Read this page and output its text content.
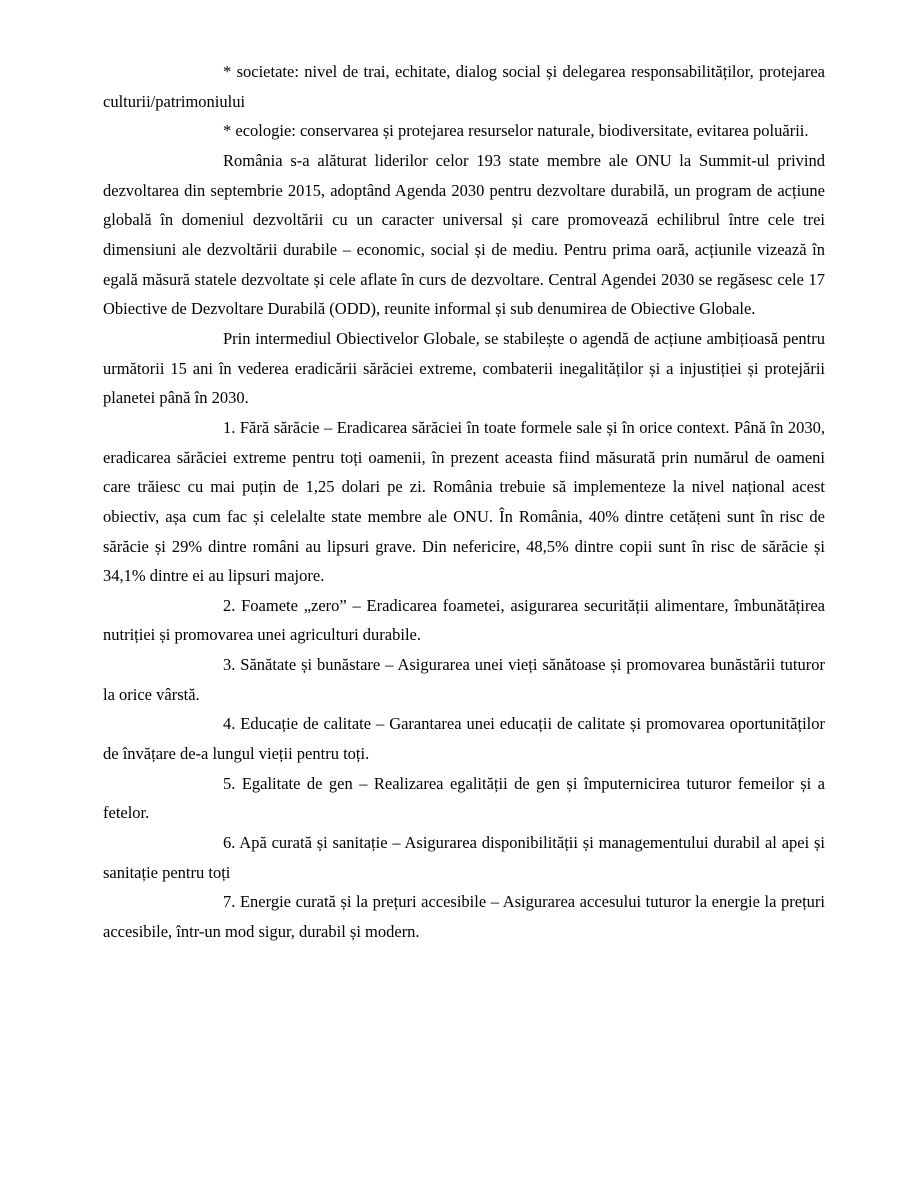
* societate: nivel de trai, echitate, dialog social și delegarea responsabilităților, protejarea culturii/patrimoniului

* ecologie: conservarea și protejarea resurselor naturale, biodiversitate, evitarea poluării.

România s-a alăturat liderilor celor 193 state membre ale ONU la Summit-ul privind dezvoltarea din septembrie 2015, adoptând Agenda 2030 pentru dezvoltare durabilă, un program de acțiune globală în domeniul dezvoltării cu un caracter universal și care promovează echilibrul între cele trei dimensiuni ale dezvoltării durabile – economic, social și de mediu. Pentru prima oară, acțiunile vizează în egală măsură statele dezvoltate și cele aflate în curs de dezvoltare. Central Agendei 2030 se regăsesc cele 17 Obiective de Dezvoltare Durabilă (ODD), reunite informal și sub denumirea de Obiective Globale.

Prin intermediul Obiectivelor Globale, se stabilește o agendă de acțiune ambițioasă pentru următorii 15 ani în vederea eradicării sărăciei extreme, combaterii inegalităților și a injustiției și protejării planetei până în 2030.

1. Fără sărăcie – Eradicarea sărăciei în toate formele sale și în orice context. Până în 2030, eradicarea sărăciei extreme pentru toți oamenii, în prezent aceasta fiind măsurată prin numărul de oameni care trăiesc cu mai puțin de 1,25 dolari pe zi. România trebuie să implementeze la nivel național acest obiectiv, așa cum fac și celelalte state membre ale ONU. În România, 40% dintre cetățeni sunt în risc de sărăcie și 29% dintre români au lipsuri grave. Din nefericire, 48,5% dintre copii sunt în risc de sărăcie și 34,1% dintre ei au lipsuri majore.

2. Foamete „zero” – Eradicarea foametei, asigurarea securității alimentare, îmbunătățirea nutriției și promovarea unei agriculturi durabile.

3. Sănătate și bunăstare – Asigurarea unei vieți sănătoase și promovarea bunăstării tuturor la orice vârstă.

4. Educație de calitate – Garantarea unei educații de calitate și promovarea oportunităților de învățare de-a lungul vieții pentru toți.

5. Egalitate de gen – Realizarea egalității de gen și împuternicirea tuturor femeilor și a fetelor.

6. Apă curată și sanitație – Asigurarea disponibilității și managementului durabil al apei și sanitație pentru toți

7. Energie curată și la prețuri accesibile – Asigurarea accesului tuturor la energie la prețuri accesibile, într-un mod sigur, durabil și modern.
